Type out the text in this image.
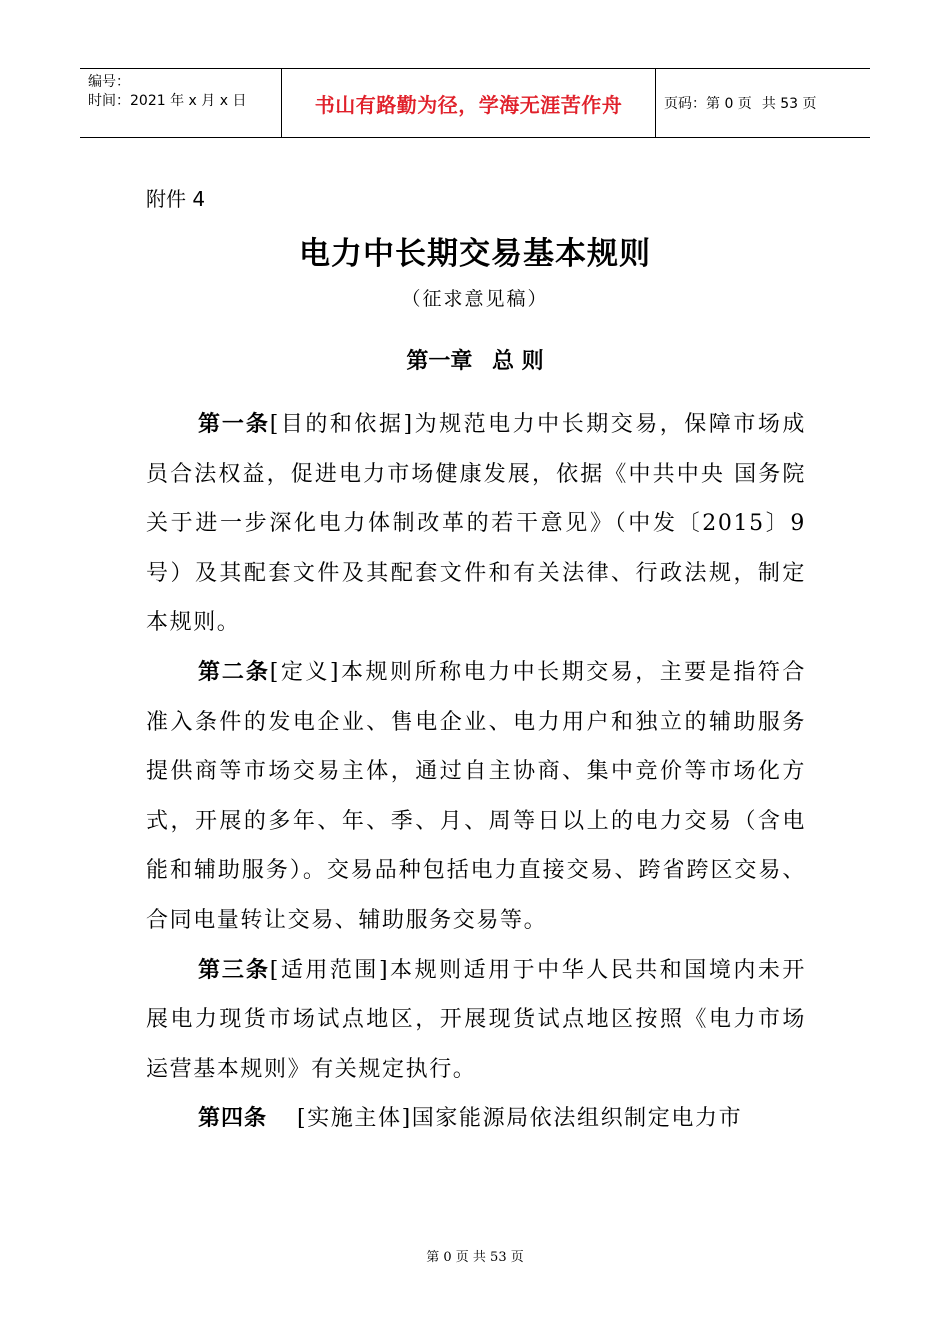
编号：
时间：2021 年 x 月 x 日	书山有路勤为径，学海无涯苦作舟	页码：第 0 页 共 53 页
附件 4
电力中长期交易基本规则
（征求意见稿）
第一章 总 则

第一条[目的和依据]为规范电力中长期交易，保障市场成员合法权益，促进电力市场健康发展，依据《中共中央 国务院关于进一步深化电力体制改革的若干意见》（中发〔2015〕9号）及其配套文件及其配套文件和有关法律、行政法规，制定本规则。

第二条[定义]本规则所称电力中长期交易，主要是指符合准入条件的发电企业、售电企业、电力用户和独立的辅助服务提供商等市场交易主体，通过自主协商、集中竞价等市场化方式，开展的多年、年、季、月、周等日以上的电力交易（含电能和辅助服务）。交易品种包括电力直接交易、跨省跨区交易、合同电量转让交易、辅助服务交易等。

第三条[适用范围]本规则适用于中华人民共和国境内未开展电力现货市场试点地区，开展现货试点地区按照《电力市场运营基本规则》有关规定执行。

第四条 [实施主体]国家能源局依法组织制定电力市

第 0 页 共 53 页
